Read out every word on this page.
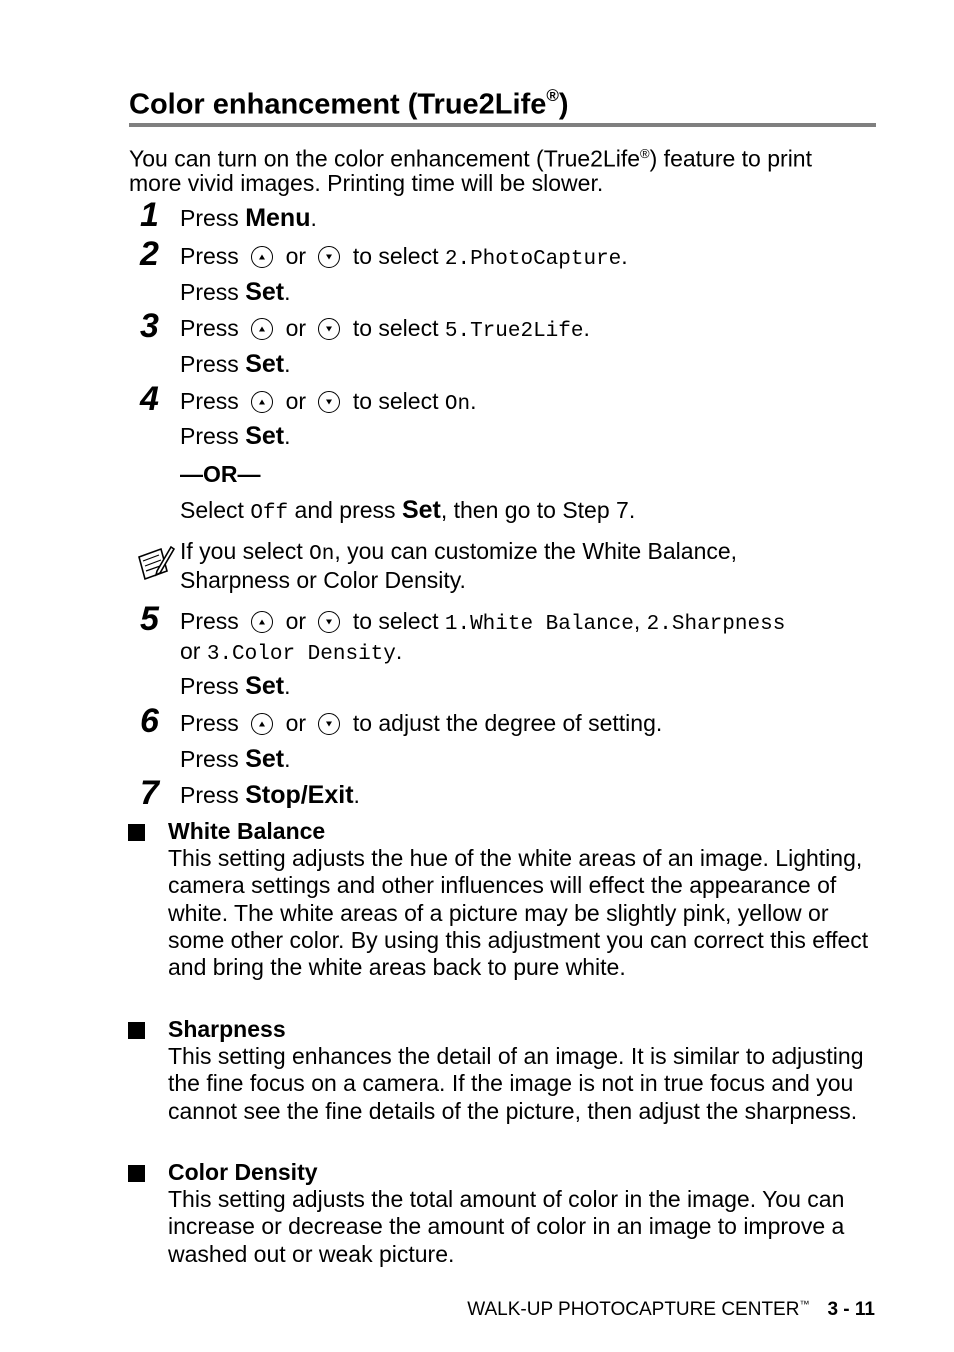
Color enhancement (True2Life®)
You can turn on the color enhancement (True2Life®) feature to print
more vivid images. Printing time will be slower.
1 Press Menu.
2 Press or to select 2.PhotoCapture.
Press Set.
3 Press or to select 5.True2Life.
Press Set.
4 Press or to select On.
Press Set.
—OR—
Select Off and press Set, then go to Step 7.
If you select On, you can customize the White Balance,
Sharpness or Color Density.
5 Press or to select 1.White Balance, 2.Sharpness
or 3.Color Density.
Press Set.
6 Press or to adjust the degree of setting.
Press Set.
7 Press Stop/Exit.
White Balance
This setting adjusts the hue of the white areas of an image. Lighting, camera settings and other influences will effect the appearance of white. The white areas of a picture may be slightly pink, yellow or some other color. By using this adjustment you can correct this effect and bring the white areas back to pure white.
Sharpness
This setting enhances the detail of an image. It is similar to adjusting the fine focus on a camera. If the image is not in true focus and you cannot see the fine details of the picture, then adjust the sharpness.
Color Density
This setting adjusts the total amount of color in the image. You can increase or decrease the amount of color in an image to improve a washed out or weak picture.
WALK-UP PHOTOCAPTURE CENTER™ 3 - 11
